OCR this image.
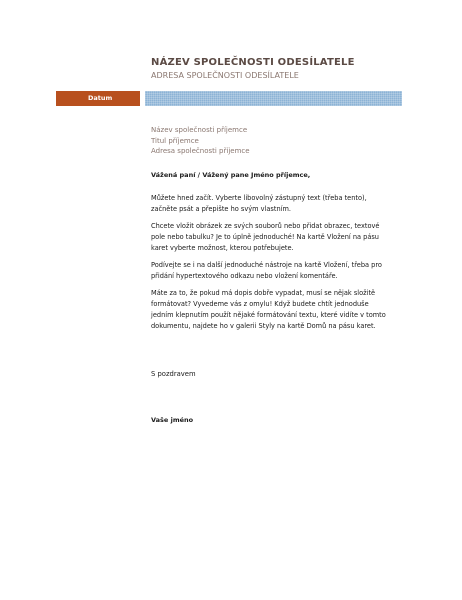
NÁZEV SPOLEČNOSTI ODESÍLATELE
ADRESA SPOLEČNOSTI ODESÍLATELE
Datum
Název společnosti příjemce
Titul příjemce
Adresa společnosti příjemce
Vážená paní / Vážený pane Jméno příjemce,
Můžete hned začít. Vyberte libovolný zástupný text (třeba tento),
začněte psát a přepište ho svým vlastním.
Chcete vložit obrázek ze svých souborů nebo přidat obrazec, textové
pole nebo tabulku? Je to úplně jednoduché! Na kartě Vložení na pásu
karet vyberte možnost, kterou potřebujete.
Podívejte se i na další jednoduché nástroje na kartě Vložení, třeba pro
přidání hypertextového odkazu nebo vložení komentáře.
Máte za to, že pokud má dopis dobře vypadat, musí se nějak složitě
formátovat? Vyvedeme vás z omylu! Když budete chtít jednoduše
jedním klepnutím použít nějaké formátování textu, které vidíte v tomto
dokumentu, najdete ho v galerii Styly na kartě Domů na pásu karet.
S pozdravem
Vaše jméno
